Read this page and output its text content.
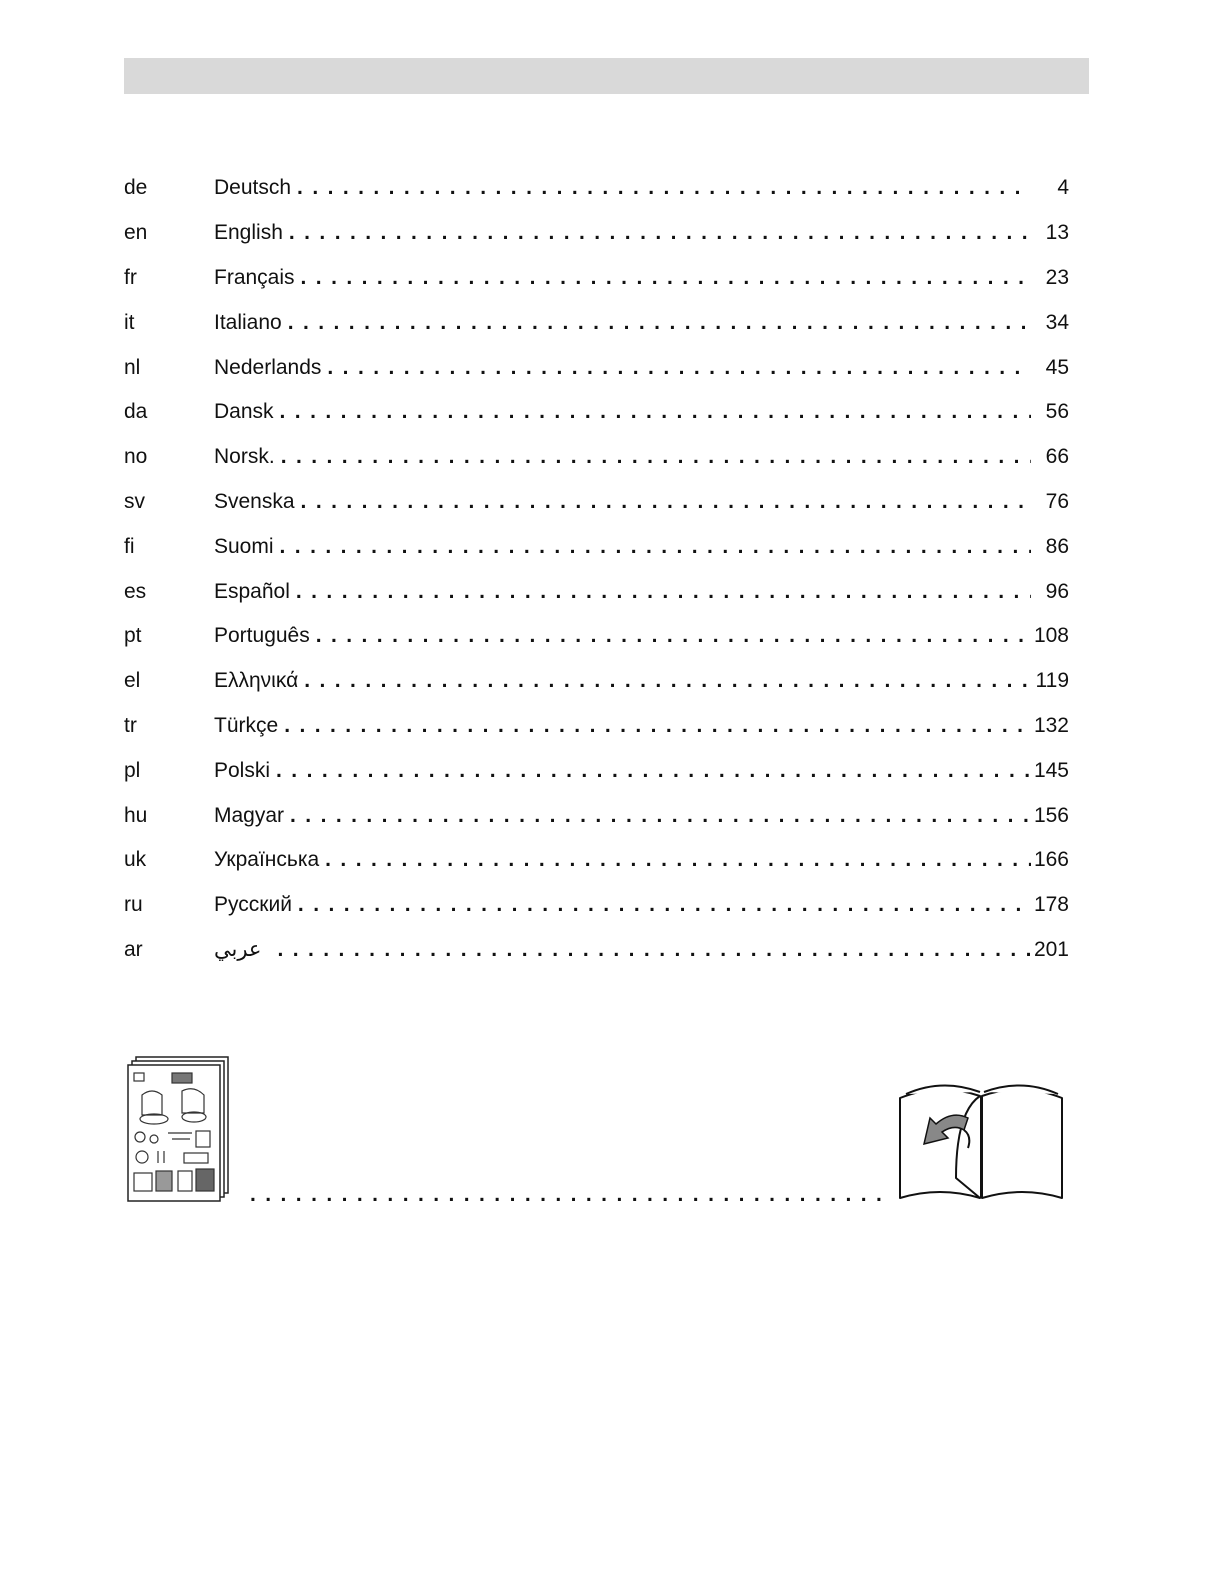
de	Deutsch . . .	4
en	English . . .	13
fr	Français . . .	23
it	Italiano . . .	34
nl	Nederlands . . .	45
da	Dansk . . .	56
no	Norsk. . . .	66
sv	Svenska . . .	76
fi	Suomi . . .	86
es	Español . . .	96
pt	Português . . .	108
el	Ελληνικά . . .	119
tr	Türkçe . . .	132
pl	Polski . . .	145
hu	Magyar . . .	156
uk	Українська . . .	166
ru	Русский . . .	178
ar	عربي . . .	201
. . .
